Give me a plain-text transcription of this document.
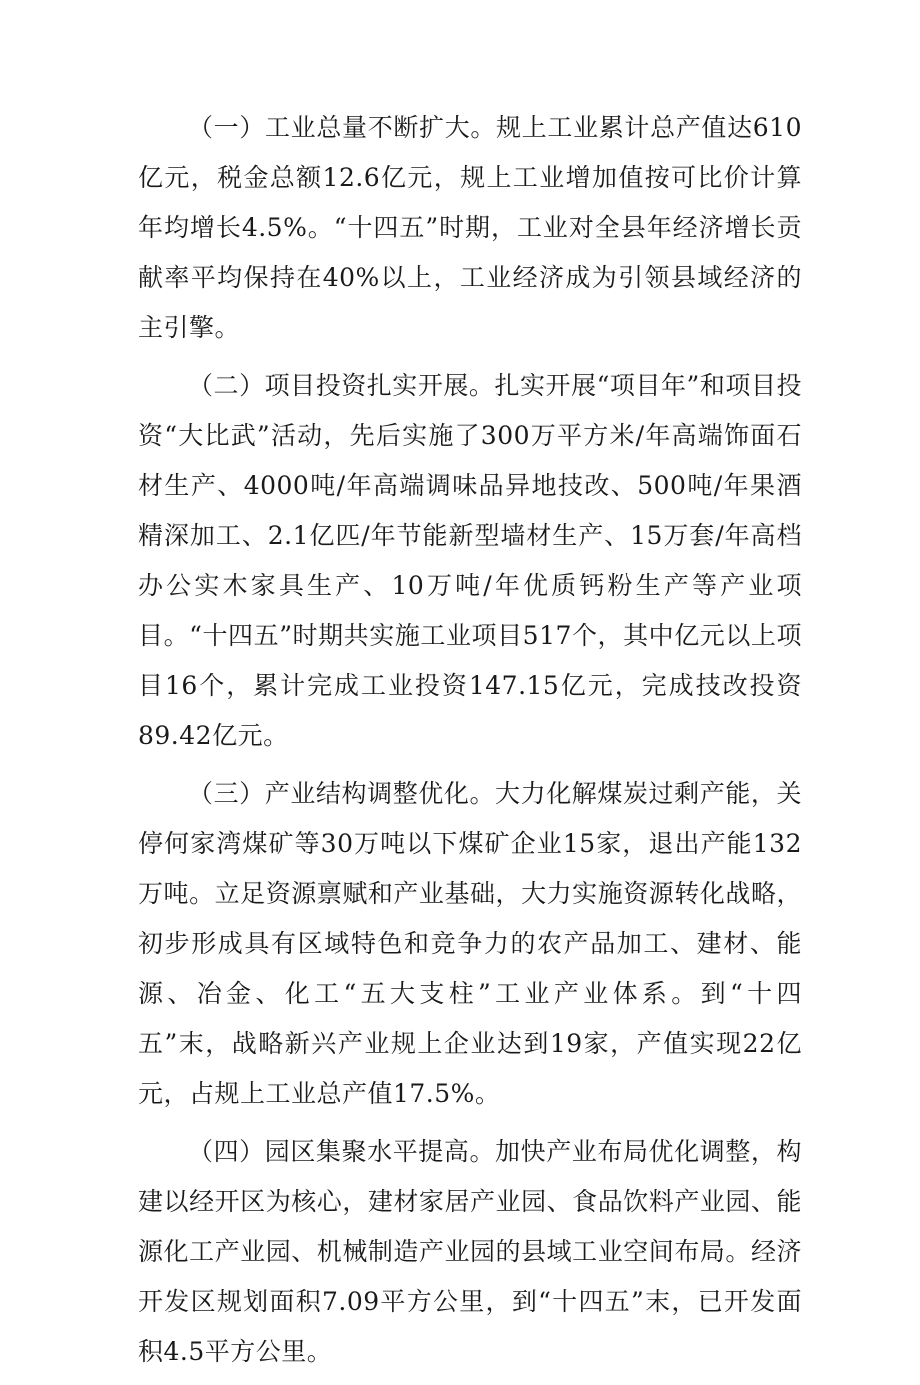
（一）工业总量不断扩大。规上工业累计总产值达610亿元，税金总额12.6亿元，规上工业增加值按可比价计算年均增长4.5%。“十四五”时期，工业对全县年经济增长贡献率平均保持在40%以上，工业经济成为引领县域经济的主引擎。

（二）项目投资扎实开展。扎实开展“项目年”和项目投资“大比武”活动，先后实施了300万平方米/年高端饰面石材生产、4000吨/年高端调味品异地技改、500吨/年果酒精深加工、2.1亿匹/年节能新型墙材生产、15万套/年高档办公实木家具生产、10万吨/年优质钙粉生产等产业项目。“十四五”时期共实施工业项目517个，其中亿元以上项目16个，累计完成工业投资147.15亿元，完成技改投资89.42亿元。

（三）产业结构调整优化。大力化解煤炭过剩产能，关停何家湾煤矿等30万吨以下煤矿企业15家，退出产能132万吨。立足资源禀赋和产业基础，大力实施资源转化战略，初步形成具有区域特色和竞争力的农产品加工、建材、能源、冶金、化工“五大支柱”工业产业体系。到“十四五”末，战略新兴产业规上企业达到19家，产值实现22亿元，占规上工业总产值17.5%。

（四）园区集聚水平提高。加快产业布局优化调整，构建以经开区为核心，建材家居产业园、食品饮料产业园、能源化工产业园、机械制造产业园的县域工业空间布局。经济开发区规划面积7.09平方公里，到“十四五”末，已开发面积4.5平方公里。
